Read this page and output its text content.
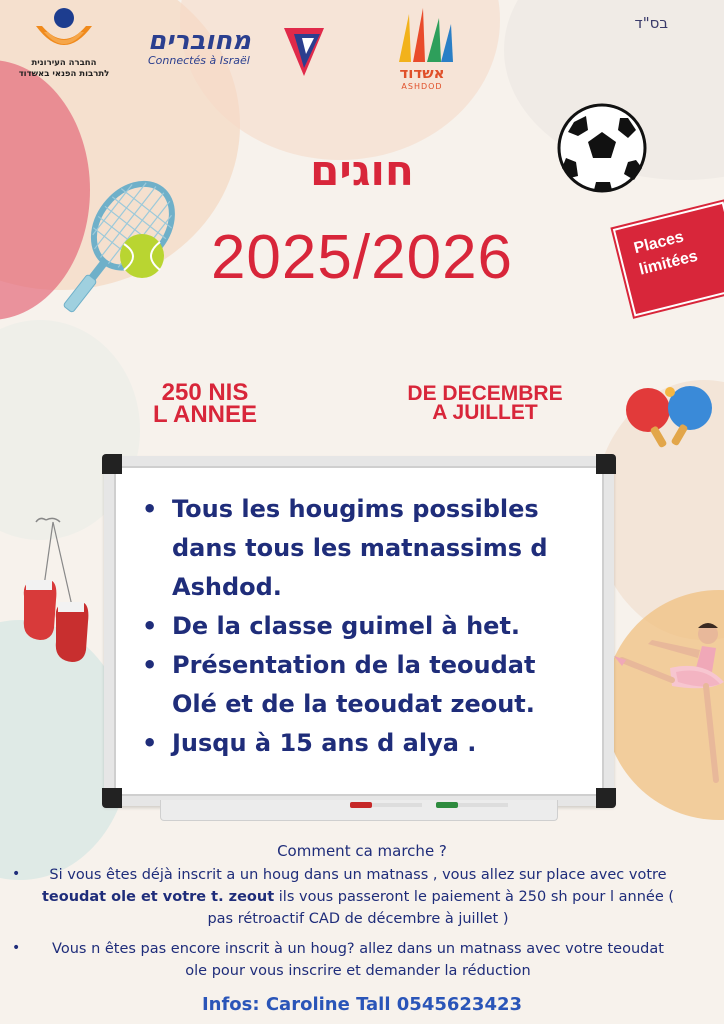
בס"ד
החברה העירונית
לתרבות הפנאי באשדוד
מחוברים
Connectés à Israël
אשדוד
ASHDOD
Places
limitées
חוגים
2025/2026
250 NIS
L ANNEE
DE DECEMBRE
A JUILLET
• Tous les hougims possibles dans tous les matnassims d Ashdod.
• De la classe guimel à het.
• Présentation de la teoudat Olé et de la teoudat zeout.
• Jusqu à 15 ans d alya .
Comment ca marche ?
•	Si vous êtes déjà inscrit a un houg dans un matnass , vous allez sur place avec votre teoudat ole et votre t. zeout ils vous passeront le paiement à 250 sh pour l année ( pas rétroactif CAD de décembre à juillet )
•	Vous n êtes pas encore inscrit à un houg? allez dans un matnass avec votre teoudat ole pour vous inscrire et demander la réduction
Infos: Caroline Tall 0545623423
